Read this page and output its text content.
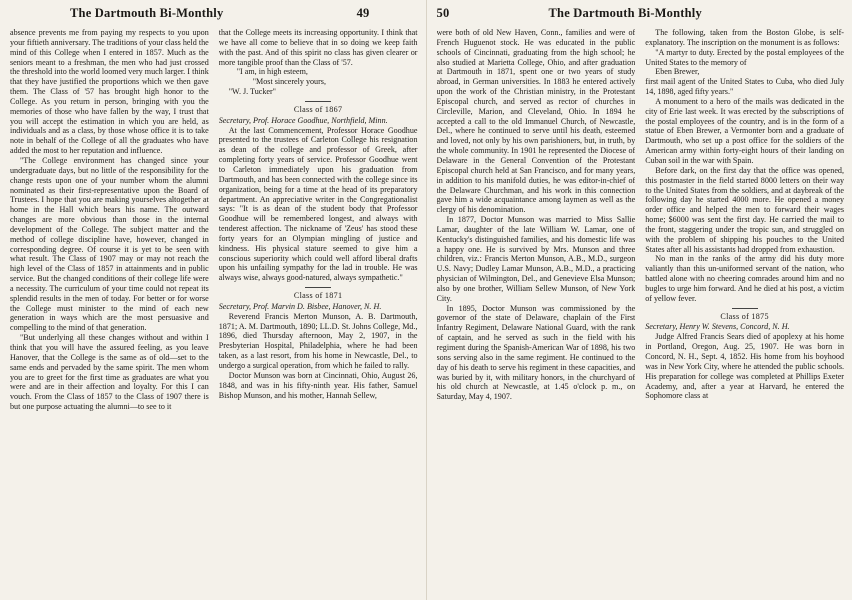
The Dartmouth Bi-Monthly	49

absence prevents me from paying my respects to you upon your fiftieth anniversary. The traditions of your class held the mind of this College when I entered in 1857. Much as the seniors meant to a freshman, the men who had just crossed the threshold into the world loomed very much larger. I think that they have justified the proportions which we then gave them. The Class of '57 has brought high honor to the College. As you return in person, bringing with you the memories of those who have fallen by the way, I trust that you will accept the estimation in which you are held, as individuals and as a class, by those whose office it is to take note in behalf of the College of all the graduates who have added the most to her reputation and influence.

"The College environment has changed since your undergraduate days, but no little of the responsibility for the change rests upon one of your number whom the alumni nominated as their first-representative upon the Board of Trustees. I hope that you are making yourselves altogether at home in the Hall which bears his name. The outward changes are more obvious than those in the internal development of the College. The subject matter and the method of college discipline have, however, changed in corresponding degree. Of course it is yet to be seen with what result. The Class of 1907 may or may not reach the high level of the Class of 1857 in attainments and in public service. But the changed conditions of their college life were a necessity. The curriculum of your time could not repeat its splendid results in the men of today. For better or for worse the College must minister to the mind of each new generation in ways which are the most persuasive and compelling to the mind of that generation.

"But underlying all these changes without and within I think that you will have the assured feeling, as you leave Hanover, that the College is the same as of old—set to the same ends and pervaded by the same spirit. The men whom you are to greet for the first time as graduates are what you were and are in their affection and loyalty. For this I can vouch. From the Class of 1857 to the Class of 1907 there is but one purpose actuating the alumni—to see to it

that the College meets its increasing opportunity. I think that we have all come to believe that in so doing we keep faith with the past. And of this spirit no class has given clearer or more tangible proof than the Class of '57.

"I am, in high esteem,

"Most sincerely yours,

"W. J. Tucker"

Class of 1867

Secretary, Prof. Horace Goodhue, Northfield, Minn.

At the last Commencement, Professor Horace Goodhue presented to the trustees of Carleton College his resignation as dean of the college and professor of Greek, after completing forty years of service. Professor Goodhue went to Carleton immediately upon his graduation from Dartmouth, and has been connected with the college since its organization, being for a time at the head of its preparatory department. An appreciative writer in the Congregationalist says: "It is as dean of the student body that Professor Goodhue will be remembered longest, and always with tenderest affection. The nickname of 'Zeus' has stood these forty years for an Olympian mingling of justice and kindness. His physical stature seemed to give him a conscious superiority which could well afford liberal drafts upon his unfailing sympathy for the lad in trouble. He was always wise, always good-natured, always sympathetic."

Class of 1871

Secretary, Prof. Marvin D. Bisbee, Hanover, N. H.

Reverend Francis Merton Munson, A. B. Dartmouth, 1871; A. M. Dartmouth, 1890; LL.D. St. Johns College, Md., 1896, died Thursday afternoon, May 2, 1907, in the Presbyterian Hospital, Philadelphia, where he had been taken, as a last resort, from his home in Newcastle, Del., to undergo a surgical operation, from which he failed to rally.

Doctor Munson was born at Cincinnati, Ohio, August 26, 1848, and was in his fifty-ninth year. His father, Samuel Bishop Munson, and his mother, Hannah Sellew,

50	The Dartmouth Bi-Monthly

were both of old New Haven, Conn., families and were of French Huguenot stock. He was educated in the public schools of Cincinnati, graduating from the high school; he also studied at Marietta College, Ohio, and after graduation at Dartmouth in 1871, spent one or two years of study abroad, in German universities. In 1883 he entered actively upon the work of the Christian ministry, in the Protestant Episcopal church, and served as rector of churches in Circleville, Marion, and Cleveland, Ohio. In 1894 he accepted a call to the old Immanuel Church, of Newcastle, Del., where he continued to serve until his death, esteemed and loved, not only by his own parishioners, but, in truth, by the whole community. In 1901 he represented the Diocese of Delaware in the General Convention of the Protestant Episcopal church held at San Francisco, and for many years, in addition to his manifold duties, he was editor-in-chief of the Delaware Churchman, and his work in this connection gave him a wide acquaintance among laymen as well as the clergy of his denomination.

In 1877, Doctor Munson was married to Miss Sallie Lamar, daughter of the late William W. Lamar, one of Kentucky's distinguished families, and his domestic life was a happy one. He is survived by Mrs. Munson and three children, viz.: Francis Merton Munson, A.B., M.D., surgeon U.S. Navy; Dudley Lamar Munson, A.B., M.D., a practicing physician of Wilmington, Del., and Genevieve Elsa Munson; also by one brother, William Sellew Munson, of New York City.

In 1895, Doctor Munson was commissioned by the governor of the state of Delaware, chaplain of the First Infantry Regiment, Delaware National Guard, with the rank of captain, and he served as such in the field with his regiment during the Spanish-American War of 1898, his two sons serving also in the same regiment. He continued to the day of his death to serve his regiment in these capacities, and was buried by it, with military honors, in the churchyard of his old church at Newcastle, at 1.45 o'clock p. m., on Saturday, May 4, 1907.

The following, taken from the Boston Globe, is self-explanatory. The inscription on the monument is as follows:

"A martyr to duty. Erected by the postal employees of the United States to the memory of

Eben Brewer,

first mail agent of the United States to Cuba, who died July 14, 1898, aged fifty years."

A monument to a hero of the mails was dedicated in the city of Erie last week. It was erected by the subscriptions of the postal employees of the country, and is in the form of a statue of Eben Brewer, a Vermonter born and a graduate of Dartmouth, who set up a post office for the soldiers of the American army within forty-eight hours of their landing on Cuban soil in the war with Spain.

Before dark, on the first day that the office was opened, this postmaster in the field started 8000 letters on their way to the United States from the soldiers, and at daybreak of the following day he started 4000 more. He opened a money order office and helped the men to forward their wages home; $6000 was sent the first day. He carried the mail to the front, staggering under the tropic sun, and struggled on with the problem of shipping his pouches to the United States after all his assistants had dropped from exhaustion.

No man in the ranks of the army did his duty more valiantly than this un-uniformed servant of the nation, who battled alone with no cheering comrades around him and no bugles to urge him forward. And he died at his post, a victim of yellow fever.

Class of 1875

Secretary, Henry W. Stevens, Concord, N. H.

Judge Alfred Francis Sears died of apoplexy at his home in Portland, Oregon, Aug. 25, 1907. He was born in Concord, N. H., Sept. 4, 1852. His home from his boyhood was in New York City, where he attended the public schools. His preparation for college was completed at Phillips Exeter Academy, and, after a year at Harvard, he entered the Sophomore class at
